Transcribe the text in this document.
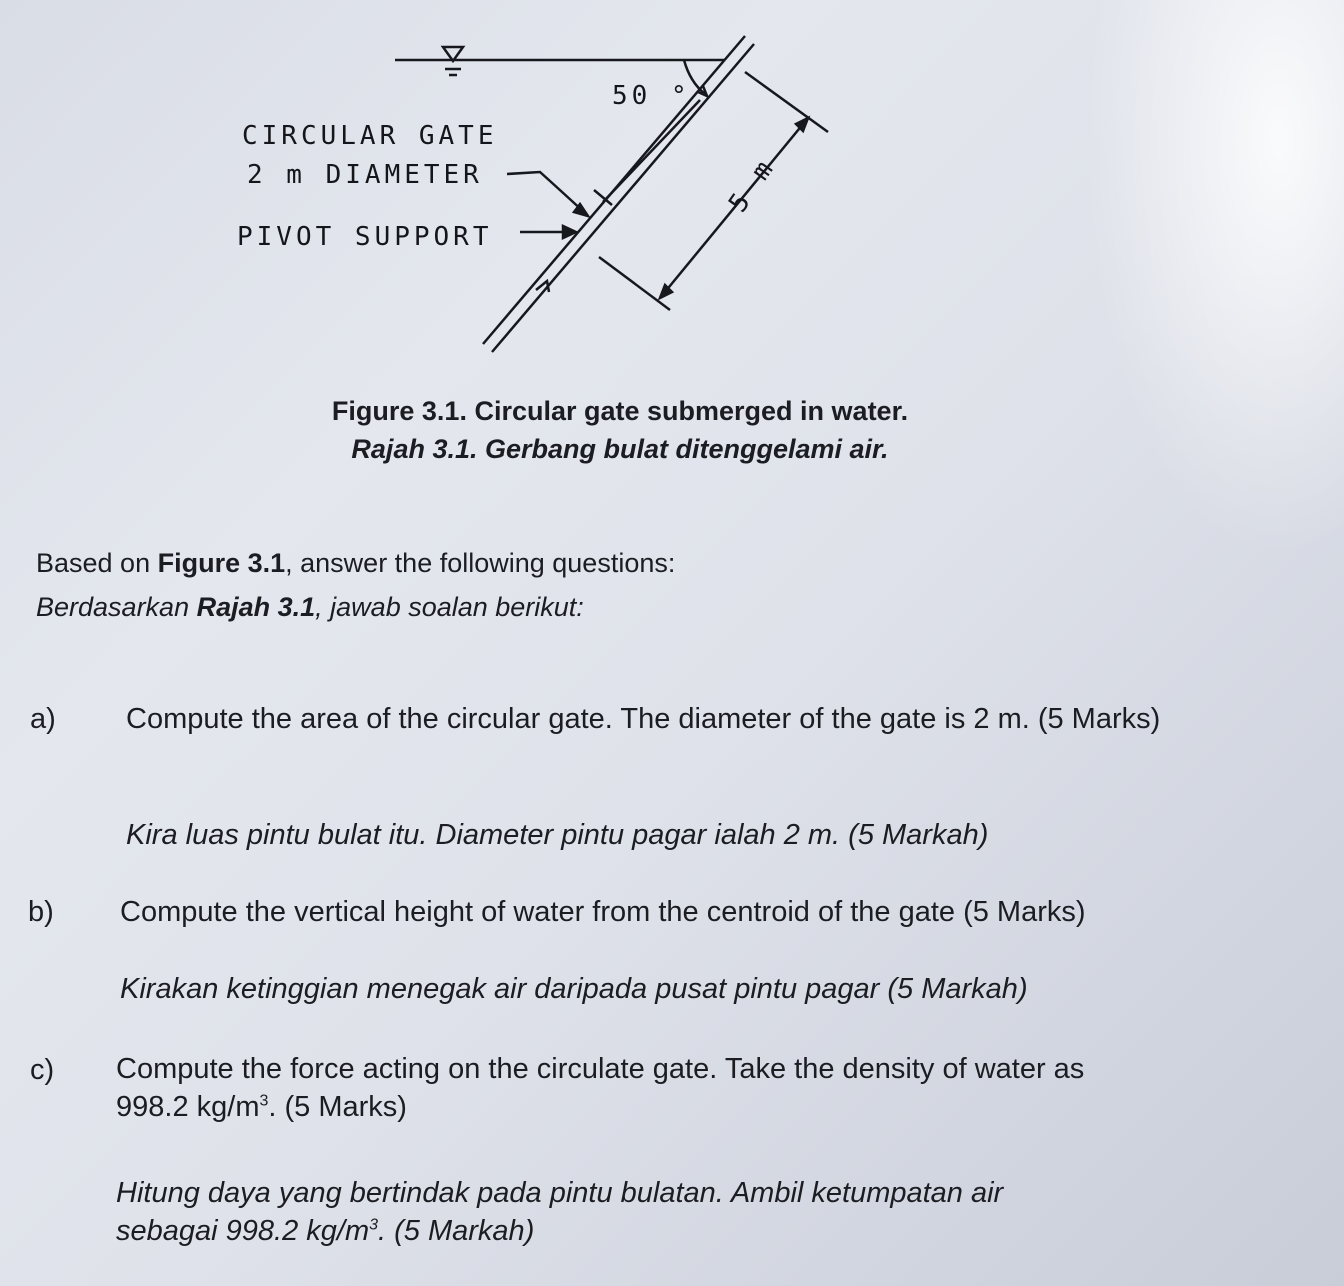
50 °
5 m
CIRCULAR GATE
2 m DIAMETER
PIVOT SUPPORT
Figure 3.1. Circular gate submerged in water.
Rajah 3.1. Gerbang bulat ditenggelami air.
Based on Figure 3.1, answer the following questions:
Berdasarkan Rajah 3.1, jawab soalan berikut:
a) Compute the area of the circular gate. The diameter of the gate is 2 m. (5 Marks)
Kira luas pintu bulat itu. Diameter pintu pagar ialah 2 m. (5 Markah)
b) Compute the vertical height of water from the centroid of the gate (5 Marks)
Kirakan ketinggian menegak air daripada pusat pintu pagar (5 Markah)
c) Compute the force acting on the circulate gate. Take the density of water as
998.2 $kg/m^3$. (5 Marks)
Hitung daya yang bertindak pada pintu bulatan. Ambil ketumpatan air
sebagai 998.2 $kg/m^3$. (5 Markah)
